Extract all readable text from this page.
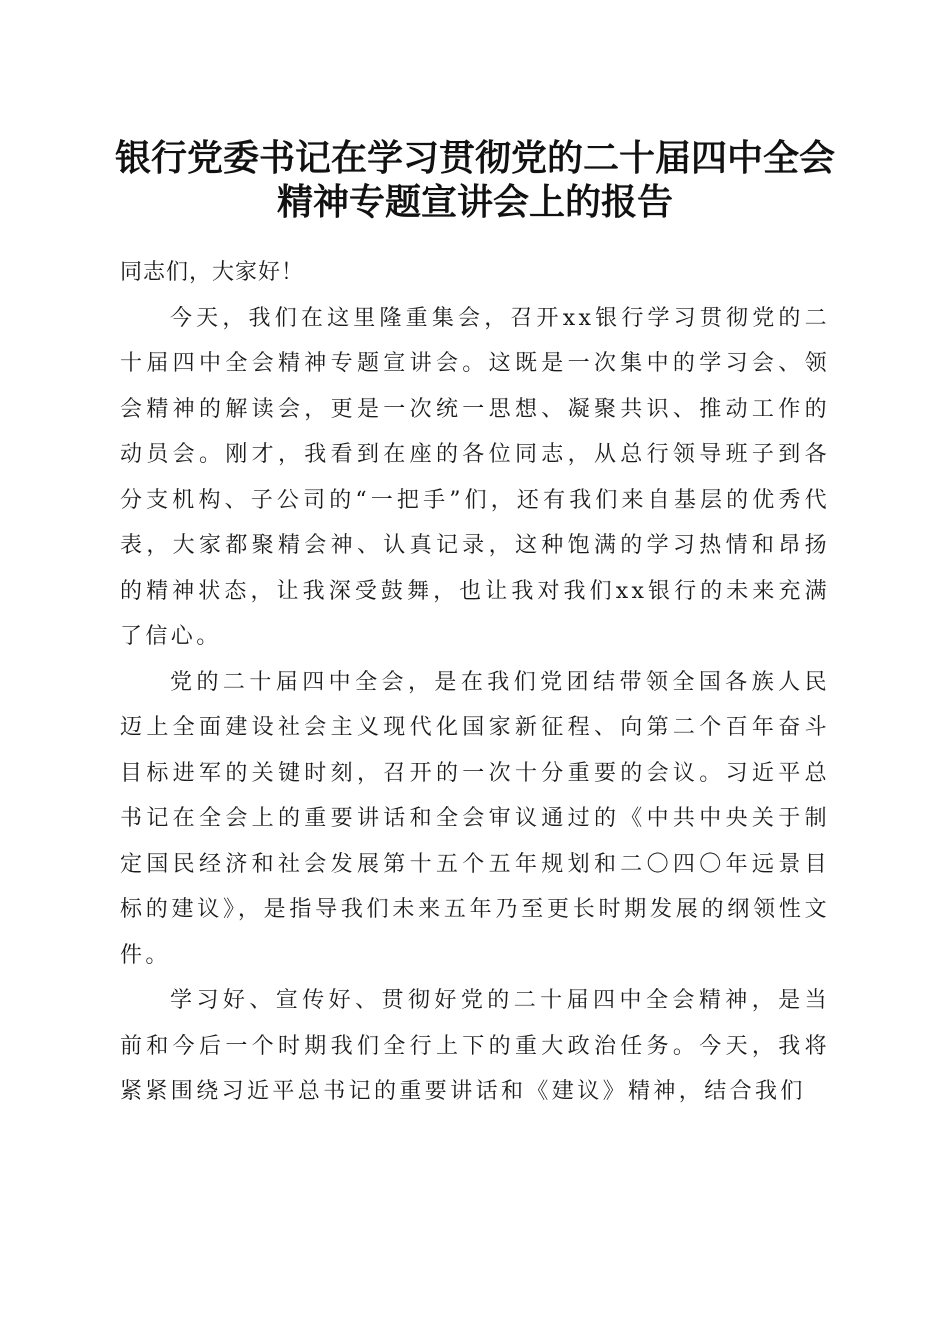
银行党委书记在学习贯彻党的二十届四中全会
精神专题宣讲会上的报告

同志们，大家好！

今天，我们在这里隆重集会，召开xx银行学习贯彻党的二十届四中全会精神专题宣讲会。这既是一次集中的学习会、领会精神的解读会，更是一次统一思想、凝聚共识、推动工作的动员会。刚才，我看到在座的各位同志，从总行领导班子到各分支机构、子公司的“一把手”们，还有我们来自基层的优秀代表，大家都聚精会神、认真记录，这种饱满的学习热情和昂扬的精神状态，让我深受鼓舞，也让我对我们xx银行的未来充满了信心。

党的二十届四中全会，是在我们党团结带领全国各族人民迈上全面建设社会主义现代化国家新征程、向第二个百年奋斗目标进军的关键时刻，召开的一次十分重要的会议。习近平总书记在全会上的重要讲话和全会审议通过的《中共中央关于制定国民经济和社会发展第十五个五年规划和二〇四〇年远景目标的建议》，是指导我们未来五年乃至更长时期发展的纲领性文件。

学习好、宣传好、贯彻好党的二十届四中全会精神，是当前和今后一个时期我们全行上下的重大政治任务。今天，我将紧紧围绕习近平总书记的重要讲话和《建议》精神，结合我们
